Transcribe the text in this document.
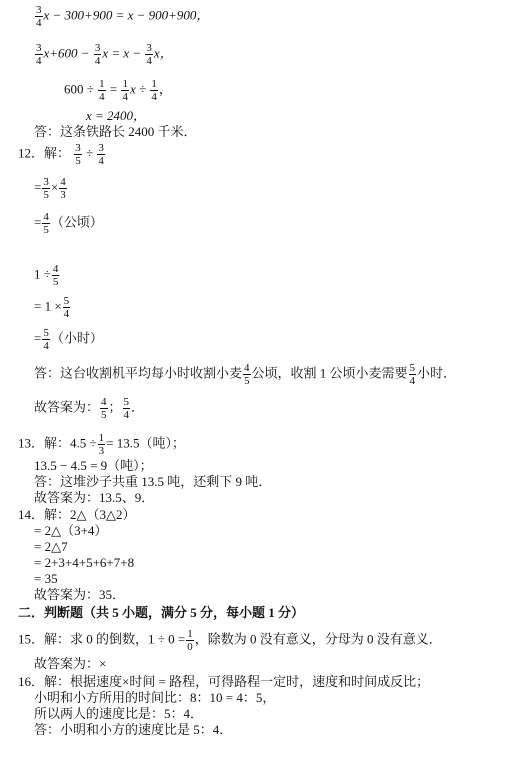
$\frac{3}{4}$ x − 300+900 = x − 900+900，
$\frac{3}{4} x+600 - \frac{3}{4}$ $x = x - \frac{3}{4}$ x，
$600 \div \frac{1}{4} = \frac{1}{4}$ $x \div \frac{1}{4}$ ，
x = 2400，
答：这条铁路长 2400 千米．
12．解： $\frac{3}{5} \div \frac{3}{4}$
= $\frac{3}{5} \times \frac{4}{3}$
= $\frac{4}{5}$ （公顷）
$1 \div \frac{4}{5}$
= $1 \times \frac{5}{4}$
= $\frac{5}{4}$ （小时）
答：这台收割机平均每小时收割小麦 $\frac{4}{5}$ 公顷，收割 1 公顷小麦需要 $\frac{5}{4}$ 小时．
故答案为： $\frac{4}{5}$ ； $\frac{5}{4}$ ．
13．解：$4.5 \div \frac{1}{3} = 13.5$（吨）；
13.5 − 4.5 = 9（吨）；
答：这堆沙子共重 13.5 吨，还剩下 9 吨．
故答案为：13.5、9．
14．解：2△（3△2）
= 2△（3+4）
= 2△7
= 2+3+4+5+6+7+8
= 35
故答案为：35．
二．判断题（共 5 小题，满分 5 分，每小题 1 分）
15．解：求 0 的倒数，$1 \div 0 = \frac{1}{0}$ ，除数为 0 没有意义，分母为 0 没有意义．
故答案为：×
16．解：根据速度×时间 = 路程，可得路程一定时，速度和时间成反比；
小明和小方所用的时间比：8：10 = 4：5，
所以两人的速度比是：5：4．
答：小明和小方的速度比是 5：4．
